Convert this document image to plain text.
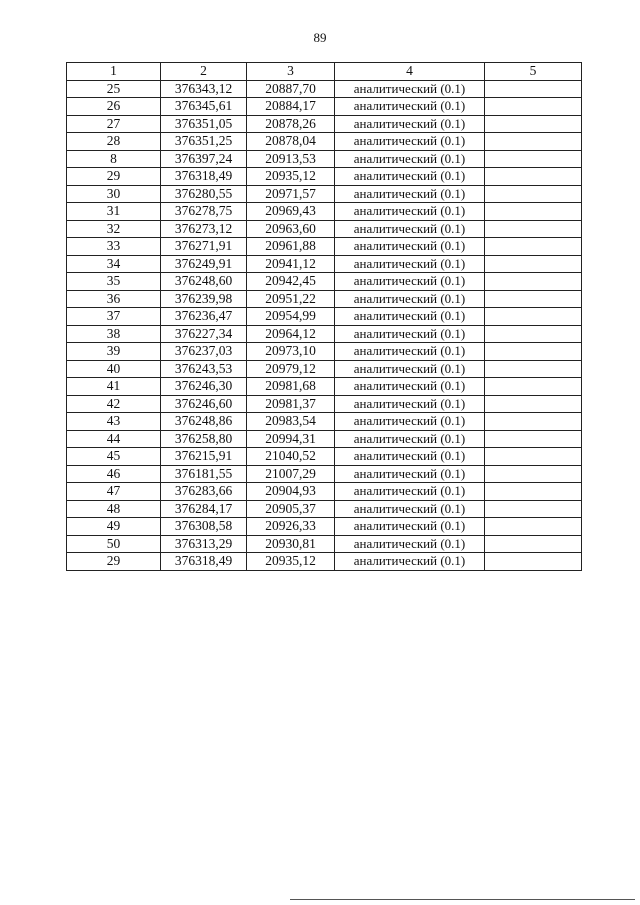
89
1	2	3	4	5
25	376343,12	20887,70	аналитический (0.1)	
26	376345,61	20884,17	аналитический (0.1)	
27	376351,05	20878,26	аналитический (0.1)	
28	376351,25	20878,04	аналитический (0.1)	
8	376397,24	20913,53	аналитический (0.1)	
29	376318,49	20935,12	аналитический (0.1)	
30	376280,55	20971,57	аналитический (0.1)	
31	376278,75	20969,43	аналитический (0.1)	
32	376273,12	20963,60	аналитический (0.1)	
33	376271,91	20961,88	аналитический (0.1)	
34	376249,91	20941,12	аналитический (0.1)	
35	376248,60	20942,45	аналитический (0.1)	
36	376239,98	20951,22	аналитический (0.1)	
37	376236,47	20954,99	аналитический (0.1)	
38	376227,34	20964,12	аналитический (0.1)	
39	376237,03	20973,10	аналитический (0.1)	
40	376243,53	20979,12	аналитический (0.1)	
41	376246,30	20981,68	аналитический (0.1)	
42	376246,60	20981,37	аналитический (0.1)	
43	376248,86	20983,54	аналитический (0.1)	
44	376258,80	20994,31	аналитический (0.1)	
45	376215,91	21040,52	аналитический (0.1)	
46	376181,55	21007,29	аналитический (0.1)	
47	376283,66	20904,93	аналитический (0.1)	
48	376284,17	20905,37	аналитический (0.1)	
49	376308,58	20926,33	аналитический (0.1)	
50	376313,29	20930,81	аналитический (0.1)	
29	376318,49	20935,12	аналитический (0.1)	
